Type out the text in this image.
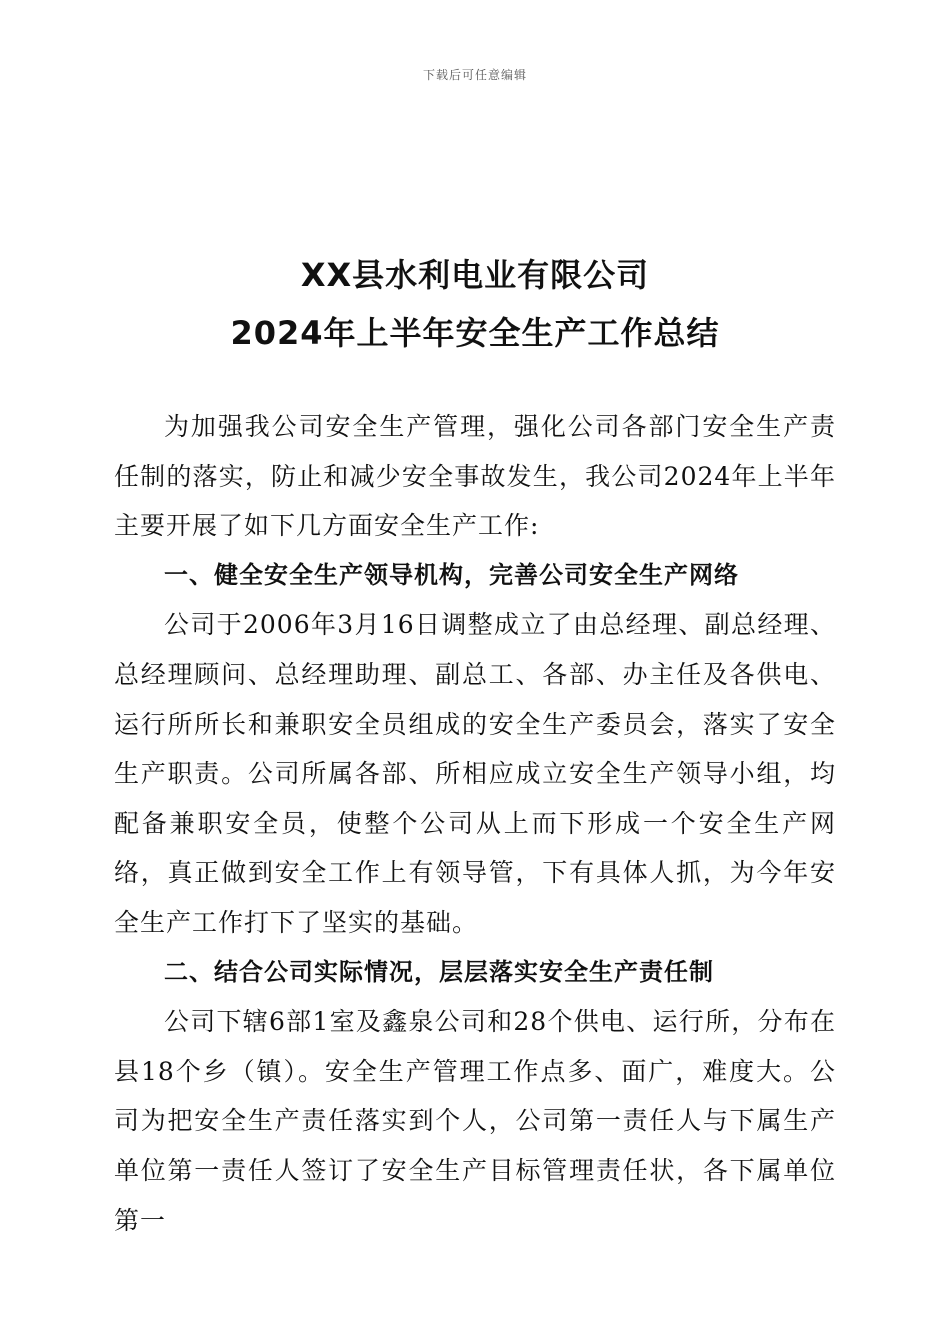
下载后可任意编辑
XX县水利电业有限公司
2024年上半年安全生产工作总结

为加强我公司安全生产管理，强化公司各部门安全生产责任制的落实，防止和减少安全事故发生，我公司2024年上半年主要开展了如下几方面安全生产工作:

一、健全安全生产领导机构，完善公司安全生产网络

公司于2006年3月16日调整成立了由总经理、副总经理、总经理顾问、总经理助理、副总工、各部、办主任及各供电、运行所所长和兼职安全员组成的安全生产委员会，落实了安全生产职责。公司所属各部、所相应成立安全生产领导小组，均配备兼职安全员，使整个公司从上而下形成一个安全生产网络，真正做到安全工作上有领导管，下有具体人抓，为今年安全生产工作打下了坚实的基础。

二、结合公司实际情况，层层落实安全生产责任制

公司下辖6部1室及鑫泉公司和28个供电、运行所，分布在县18个乡（镇）。安全生产管理工作点多、面广，难度大。公司为把安全生产责任落实到个人，公司第一责任人与下属生产单位第一责任人签订了安全生产目标管理责任状，各下属单位第一
